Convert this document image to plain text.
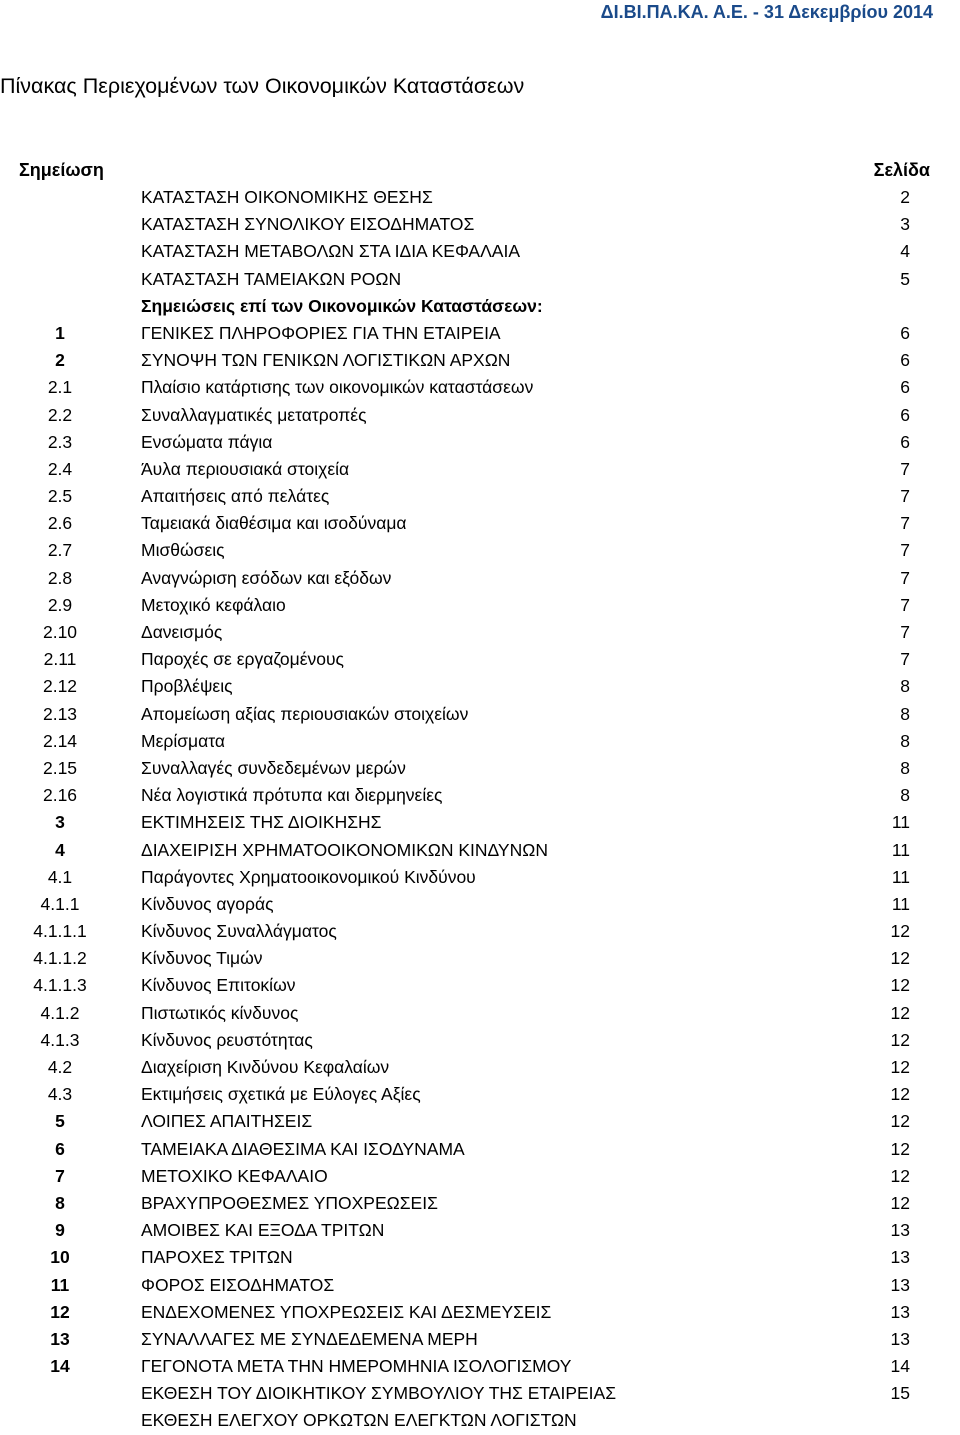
ΔΙ.ΒΙ.ΠΑ.ΚΑ. Α.Ε. - 31 Δεκεμβρίου 2014
Πίνακας Περιεχομένων των Οικονομικών Καταστάσεων
Σημείωση	Σελίδα
ΚΑΤΑΣΤΑΣΗ ΟΙΚΟΝΟΜΙΚΗΣ ΘΕΣΗΣ	2
ΚΑΤΑΣΤΑΣΗ ΣΥΝΟΛΙΚΟΥ ΕΙΣΟΔΗΜΑΤΟΣ	3
ΚΑΤΑΣΤΑΣΗ ΜΕΤΑΒΟΛΩΝ ΣΤΑ ΙΔΙΑ ΚΕΦΑΛΑΙΑ	4
ΚΑΤΑΣΤΑΣΗ ΤΑΜΕΙΑΚΩΝ ΡΟΩΝ	5
Σημειώσεις επί των Οικονομικών Καταστάσεων:
1	ΓΕΝΙΚΕΣ ΠΛΗΡΟΦΟΡΙΕΣ ΓΙΑ ΤΗΝ ΕΤΑΙΡΕΙΑ	6
2	ΣΥΝΟΨΗ ΤΩΝ ΓΕΝΙΚΩΝ ΛΟΓΙΣΤΙΚΩΝ ΑΡΧΩΝ	6
2.1	Πλαίσιο κατάρτισης των οικονομικών καταστάσεων	6
2.2	Συναλλαγματικές μετατροπές	6
2.3	Ενσώματα πάγια	6
2.4	Άυλα περιουσιακά στοιχεία	7
2.5	Απαιτήσεις από πελάτες	7
2.6	Ταμειακά διαθέσιμα και ισοδύναμα	7
2.7	Μισθώσεις	7
2.8	Αναγνώριση εσόδων και εξόδων	7
2.9	Μετοχικό κεφάλαιο	7
2.10	Δανεισμός	7
2.11	Παροχές σε εργαζομένους	7
2.12	Προβλέψεις	8
2.13	Απομείωση αξίας περιουσιακών στοιχείων	8
2.14	Μερίσματα	8
2.15	Συναλλαγές συνδεδεμένων μερών	8
2.16	Νέα λογιστικά πρότυπα και διερμηνείες	8
3	ΕΚΤΙΜΗΣΕΙΣ ΤΗΣ ΔΙΟΙΚΗΣΗΣ	11
4	ΔΙΑΧΕΙΡΙΣΗ ΧΡΗΜΑΤΟΟΙΚΟΝΟΜΙΚΩΝ ΚΙΝΔΥΝΩΝ	11
4.1	Παράγοντες Χρηματοοικονομικού Κινδύνου	11
4.1.1	Κίνδυνος αγοράς	11
4.1.1.1	Κίνδυνος Συναλλάγματος	12
4.1.1.2	Κίνδυνος Τιμών	12
4.1.1.3	Κίνδυνος Επιτοκίων	12
4.1.2	Πιστωτικός κίνδυνος	12
4.1.3	Κίνδυνος ρευστότητας	12
4.2	Διαχείριση Κινδύνου Κεφαλαίων	12
4.3	Εκτιμήσεις σχετικά με Εύλογες Αξίες	12
5	ΛΟΙΠΕΣ ΑΠΑΙΤΗΣΕΙΣ	12
6	ΤΑΜΕΙΑΚΑ ΔΙΑΘΕΣΙΜΑ ΚΑΙ ΙΣΟΔΥΝΑΜΑ	12
7	ΜΕΤΟΧΙΚΟ ΚΕΦΑΛΑΙΟ	12
8	ΒΡΑΧΥΠΡΟΘΕΣΜΕΣ ΥΠΟΧΡΕΩΣΕΙΣ	12
9	ΑΜΟΙΒΕΣ ΚΑΙ ΕΞΟΔΑ ΤΡΙΤΩΝ	13
10	ΠΑΡΟΧΕΣ ΤΡΙΤΩΝ	13
11	ΦΟΡΟΣ ΕΙΣΟΔΗΜΑΤΟΣ	13
12	ΕΝΔΕΧΟΜΕΝΕΣ ΥΠΟΧΡΕΩΣΕΙΣ ΚΑΙ ΔΕΣΜΕΥΣΕΙΣ	13
13	ΣΥΝΑΛΛΑΓΕΣ ΜΕ ΣΥΝΔΕΔΕΜΕΝΑ ΜΕΡΗ	13
14	ΓΕΓΟΝΟΤΑ ΜΕΤΑ ΤΗΝ ΗΜΕΡΟΜΗΝΙΑ ΙΣΟΛΟΓΙΣΜΟΥ	14
ΕΚΘΕΣΗ ΤΟΥ ΔΙΟΙΚΗΤΙΚΟΥ ΣΥΜΒΟΥΛΙΟΥ ΤΗΣ ΕΤΑΙΡΕΙΑΣ	15
ΕΚΘΕΣΗ ΕΛΕΓΧΟΥ ΟΡΚΩΤΩΝ ΕΛΕΓΚΤΩΝ ΛΟΓΙΣΤΩΝ
